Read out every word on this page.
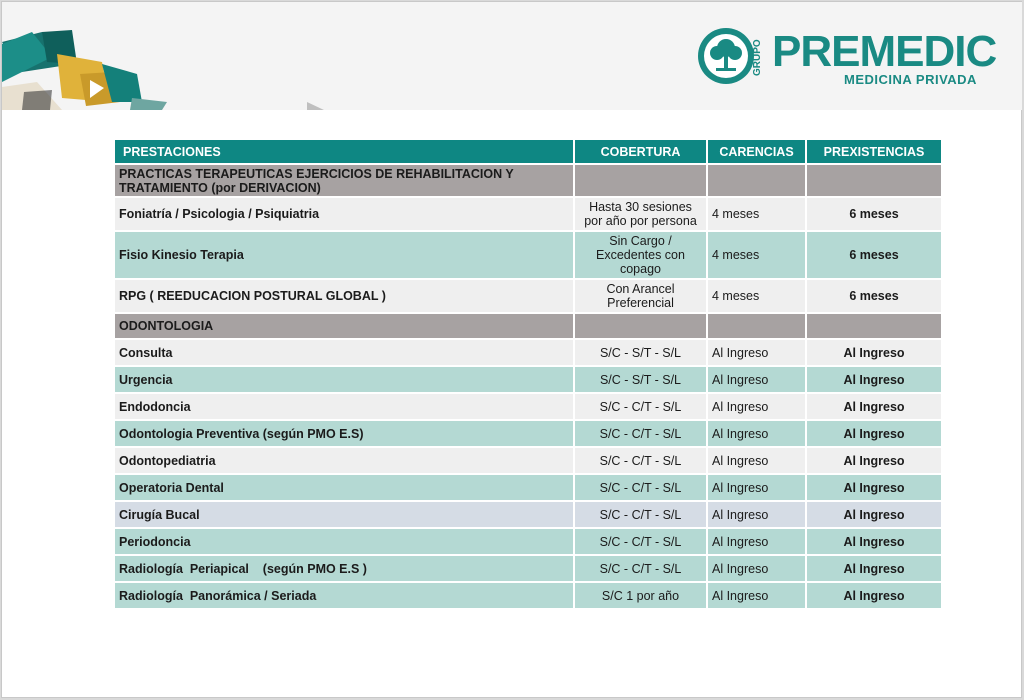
GRUPO PREMEDIC
MEDICINA PRIVADA
PRESTACIONES	COBERTURA	CARENCIAS	PREXISTENCIAS
PRACTICAS TERAPEUTICAS EJERCICIOS DE REHABILITACION Y TRATAMIENTO (por DERIVACION)			
Foniatría / Psicologia / Psiquiatria	Hasta 30 sesiones por año por persona	4 meses	6 meses
Fisio Kinesio Terapia	Sin Cargo / Excedentes con copago	4 meses	6 meses
RPG ( REEDUCACION POSTURAL GLOBAL )	Con Arancel Preferencial	4 meses	6 meses
ODONTOLOGIA			
Consulta	S/C - S/T - S/L	Al Ingreso	Al Ingreso
Urgencia	S/C - S/T - S/L	Al Ingreso	Al Ingreso
Endodoncia	S/C - C/T - S/L	Al Ingreso	Al Ingreso
Odontologia Preventiva (según PMO E.S)	S/C - C/T - S/L	Al Ingreso	Al Ingreso
Odontopediatria	S/C - C/T - S/L	Al Ingreso	Al Ingreso
Operatoria Dental	S/C - C/T - S/L	Al Ingreso	Al Ingreso
Cirugía Bucal	S/C - C/T - S/L	Al Ingreso	Al Ingreso
Periodoncia	S/C - C/T - S/L	Al Ingreso	Al Ingreso
Radiología  Periapical    (según PMO E.S )	S/C - C/T - S/L	Al Ingreso	Al Ingreso
Radiología  Panorámica / Seriada	S/C 1 por año	Al Ingreso	Al Ingreso
